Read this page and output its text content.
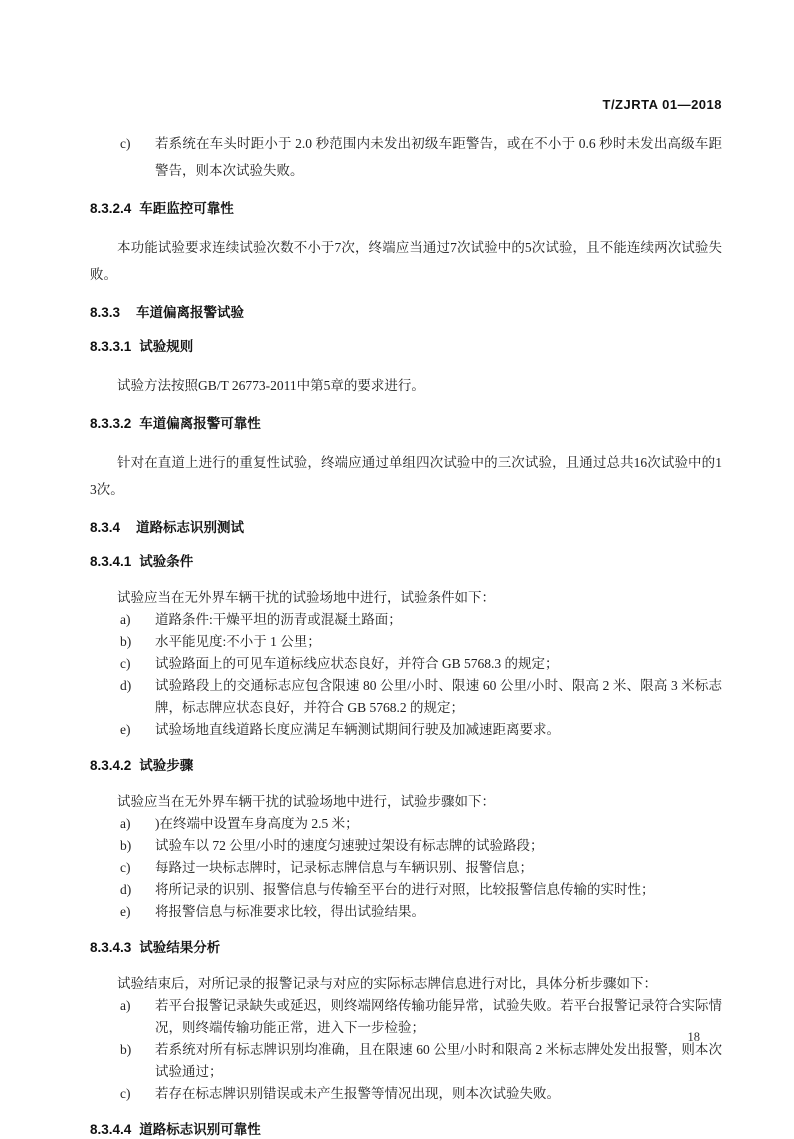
T/ZJRTA 01—2018
c)	若系统在车头时距小于 2.0 秒范围内未发出初级车距警告，或在不小于 0.6 秒时未发出高级车距警告，则本次试验失败。
8.3.2.4 车距监控可靠性

本功能试验要求连续试验次数不小于7次，终端应当通过7次试验中的5次试验，且不能连续两次试验失败。

8.3.3 车道偏离报警试验
8.3.3.1 试验规则

试验方法按照GB/T 26773-2011中第5章的要求进行。

8.3.3.2 车道偏离报警可靠性

针对在直道上进行的重复性试验，终端应通过单组四次试验中的三次试验，且通过总共16次试验中的13次。

8.3.4 道路标志识别测试
8.3.4.1 试验条件

试验应当在无外界车辆干扰的试验场地中进行，试验条件如下：

a)	道路条件:干燥平坦的沥青或混凝土路面；
b)	水平能见度:不小于 1 公里；
c)	试验路面上的可见车道标线应状态良好，并符合 GB 5768.3 的规定；
d)	试验路段上的交通标志应包含限速 80 公里/小时、限速 60 公里/小时、限高 2 米、限高 3 米标志牌，标志牌应状态良好，并符合 GB 5768.2 的规定；
e)	试验场地直线道路长度应满足车辆测试期间行驶及加减速距离要求。
8.3.4.2 试验步骤

试验应当在无外界车辆干扰的试验场地中进行，试验步骤如下：

a)	)在终端中设置车身高度为 2.5 米；
b)	试验车以 72 公里/小时的速度匀速驶过架设有标志牌的试验路段；
c)	每路过一块标志牌时，记录标志牌信息与车辆识别、报警信息；
d)	将所记录的识别、报警信息与传输至平台的进行对照，比较报警信息传输的实时性；
e)	将报警信息与标准要求比较，得出试验结果。
8.3.4.3 试验结果分析

试验结束后，对所记录的报警记录与对应的实际标志牌信息进行对比，具体分析步骤如下：

a)	若平台报警记录缺失或延迟，则终端网络传输功能异常，试验失败。若平台报警记录符合实际情况，则终端传输功能正常，进入下一步检验；
b)	若系统对所有标志牌识别均准确，且在限速 60 公里/小时和限高 2 米标志牌处发出报警，则本次试验通过；
c)	若存在标志牌识别错误或未产生报警等情况出现，则本次试验失败。
8.3.4.4 道路标志识别可靠性
18
